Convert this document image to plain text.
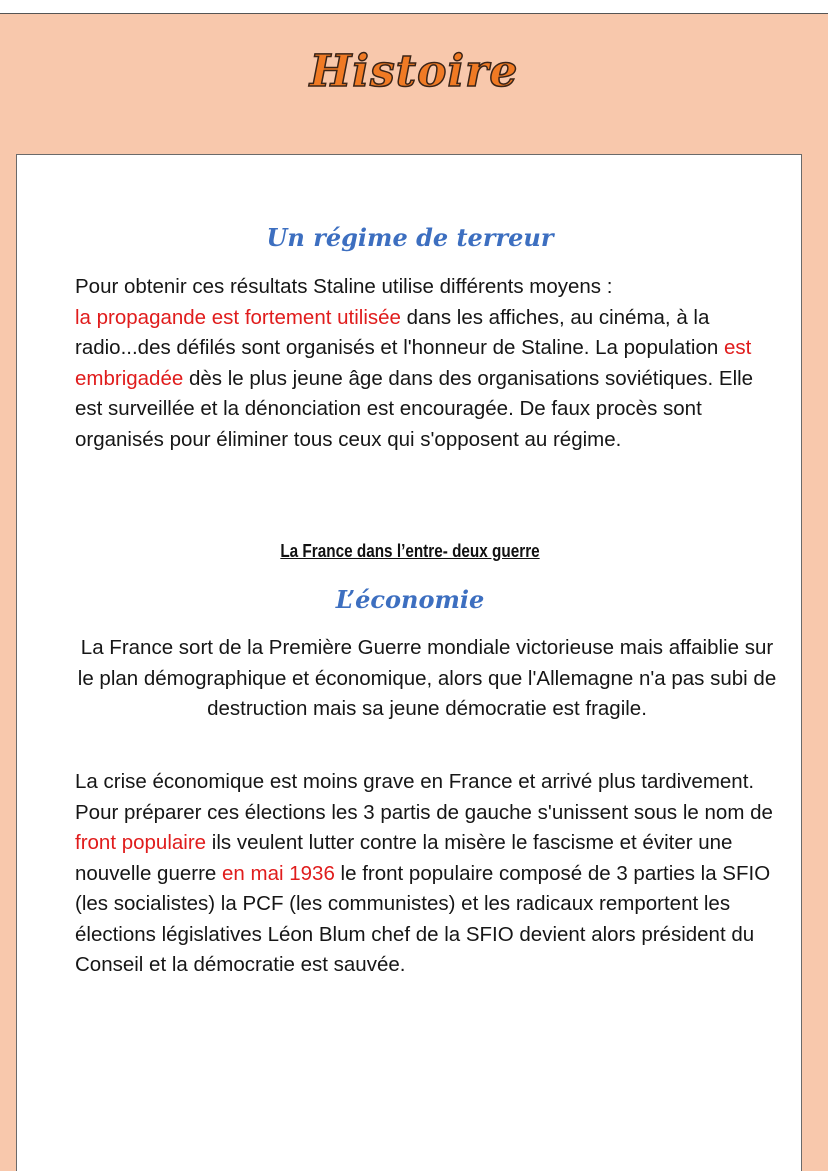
Histoire
Un régime de terreur

Pour obtenir ces résultats Staline utilise différents moyens :
la propagande est fortement utilisée dans les affiches, au cinéma, à la radio...des défilés sont organisés et l'honneur de Staline. La population est embrigadée dès le plus jeune âge dans des organisations soviétiques. Elle est surveillée et la dénonciation est encouragée. De faux procès sont organisés pour éliminer tous ceux qui s'opposent au régime.

La France dans l’entre- deux guerre
L’économie

La France sort de la Première Guerre mondiale victorieuse mais affaiblie sur le plan démographique et économique, alors que l'Allemagne n'a pas subi de destruction mais sa jeune démocratie est fragile.

La crise économique est moins grave en France et arrivé plus tardivement. Pour préparer ces élections les 3 partis de gauche s'unissent sous le nom de front populaire ils veulent lutter contre la misère le fascisme et éviter une nouvelle guerre en mai 1936 le front populaire composé de 3 parties la SFIO (les socialistes) la PCF (les communistes) et les radicaux remportent les élections législatives Léon Blum chef de la SFIO devient alors président du Conseil et la démocratie est sauvée.
